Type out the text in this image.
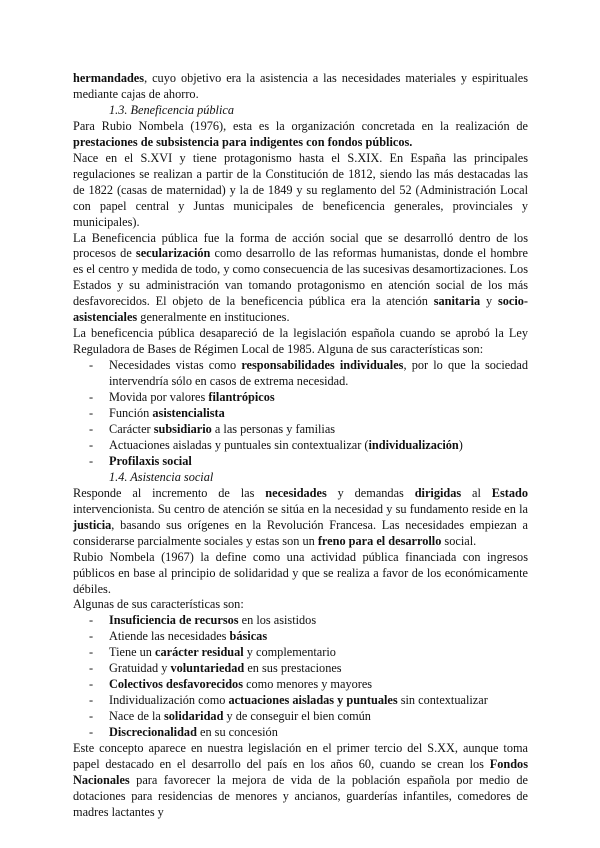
hermandades, cuyo objetivo era la asistencia a las necesidades materiales y espirituales mediante cajas de ahorro.

1.3. Beneficencia pública

Para Rubio Nombela (1976), esta es la organización concretada en la realización de prestaciones de subsistencia para indigentes con fondos públicos.

Nace en el S.XVI y tiene protagonismo hasta el S.XIX. En España las principales regulaciones se realizan a partir de la Constitución de 1812, siendo las más destacadas las de 1822 (casas de maternidad) y la de 1849 y su reglamento del 52 (Administración Local con papel central y Juntas municipales de beneficencia generales, provinciales y municipales).

La Beneficencia pública fue la forma de acción social que se desarrolló dentro de los procesos de secularización como desarrollo de las reformas humanistas, donde el hombre es el centro y medida de todo, y como consecuencia de las sucesivas desamortizaciones. Los Estados y su administración van tomando protagonismo en atención social de los más desfavorecidos. El objeto de la beneficencia pública era la atención sanitaria y socio-asistenciales generalmente en instituciones.

La beneficencia pública desapareció de la legislación española cuando se aprobó la Ley Reguladora de Bases de Régimen Local de 1985. Alguna de sus características son:

- Necesidades vistas como responsabilidades individuales, por lo que la sociedad intervendría sólo en casos de extrema necesidad.
- Movida por valores filantrópicos
- Función asistencialista
- Carácter subsidiario a las personas y familias
- Actuaciones aisladas y puntuales sin contextualizar (individualización)
- Profilaxis social

1.4. Asistencia social

Responde al incremento de las necesidades y demandas dirigidas al Estado intervencionista. Su centro de atención se sitúa en la necesidad y su fundamento reside en la justicia, basando sus orígenes en la Revolución Francesa. Las necesidades empiezan a considerarse parcialmente sociales y estas son un freno para el desarrollo social.

Rubio Nombela (1967) la define como una actividad pública financiada con ingresos públicos en base al principio de solidaridad y que se realiza a favor de los económicamente débiles.

Algunas de sus características son:

- Insuficiencia de recursos en los asistidos
- Atiende las necesidades básicas
- Tiene un carácter residual y complementario
- Gratuidad y voluntariedad en sus prestaciones
- Colectivos desfavorecidos como menores y mayores
- Individualización como actuaciones aisladas y puntuales sin contextualizar
- Nace de la solidaridad y de conseguir el bien común
- Discrecionalidad en su concesión

Este concepto aparece en nuestra legislación en el primer tercio del S.XX, aunque toma papel destacado en el desarrollo del país en los años 60, cuando se crean los Fondos Nacionales para favorecer la mejora de vida de la población española por medio de dotaciones para residencias de menores y ancianos, guarderías infantiles, comedores de madres lactantes y
